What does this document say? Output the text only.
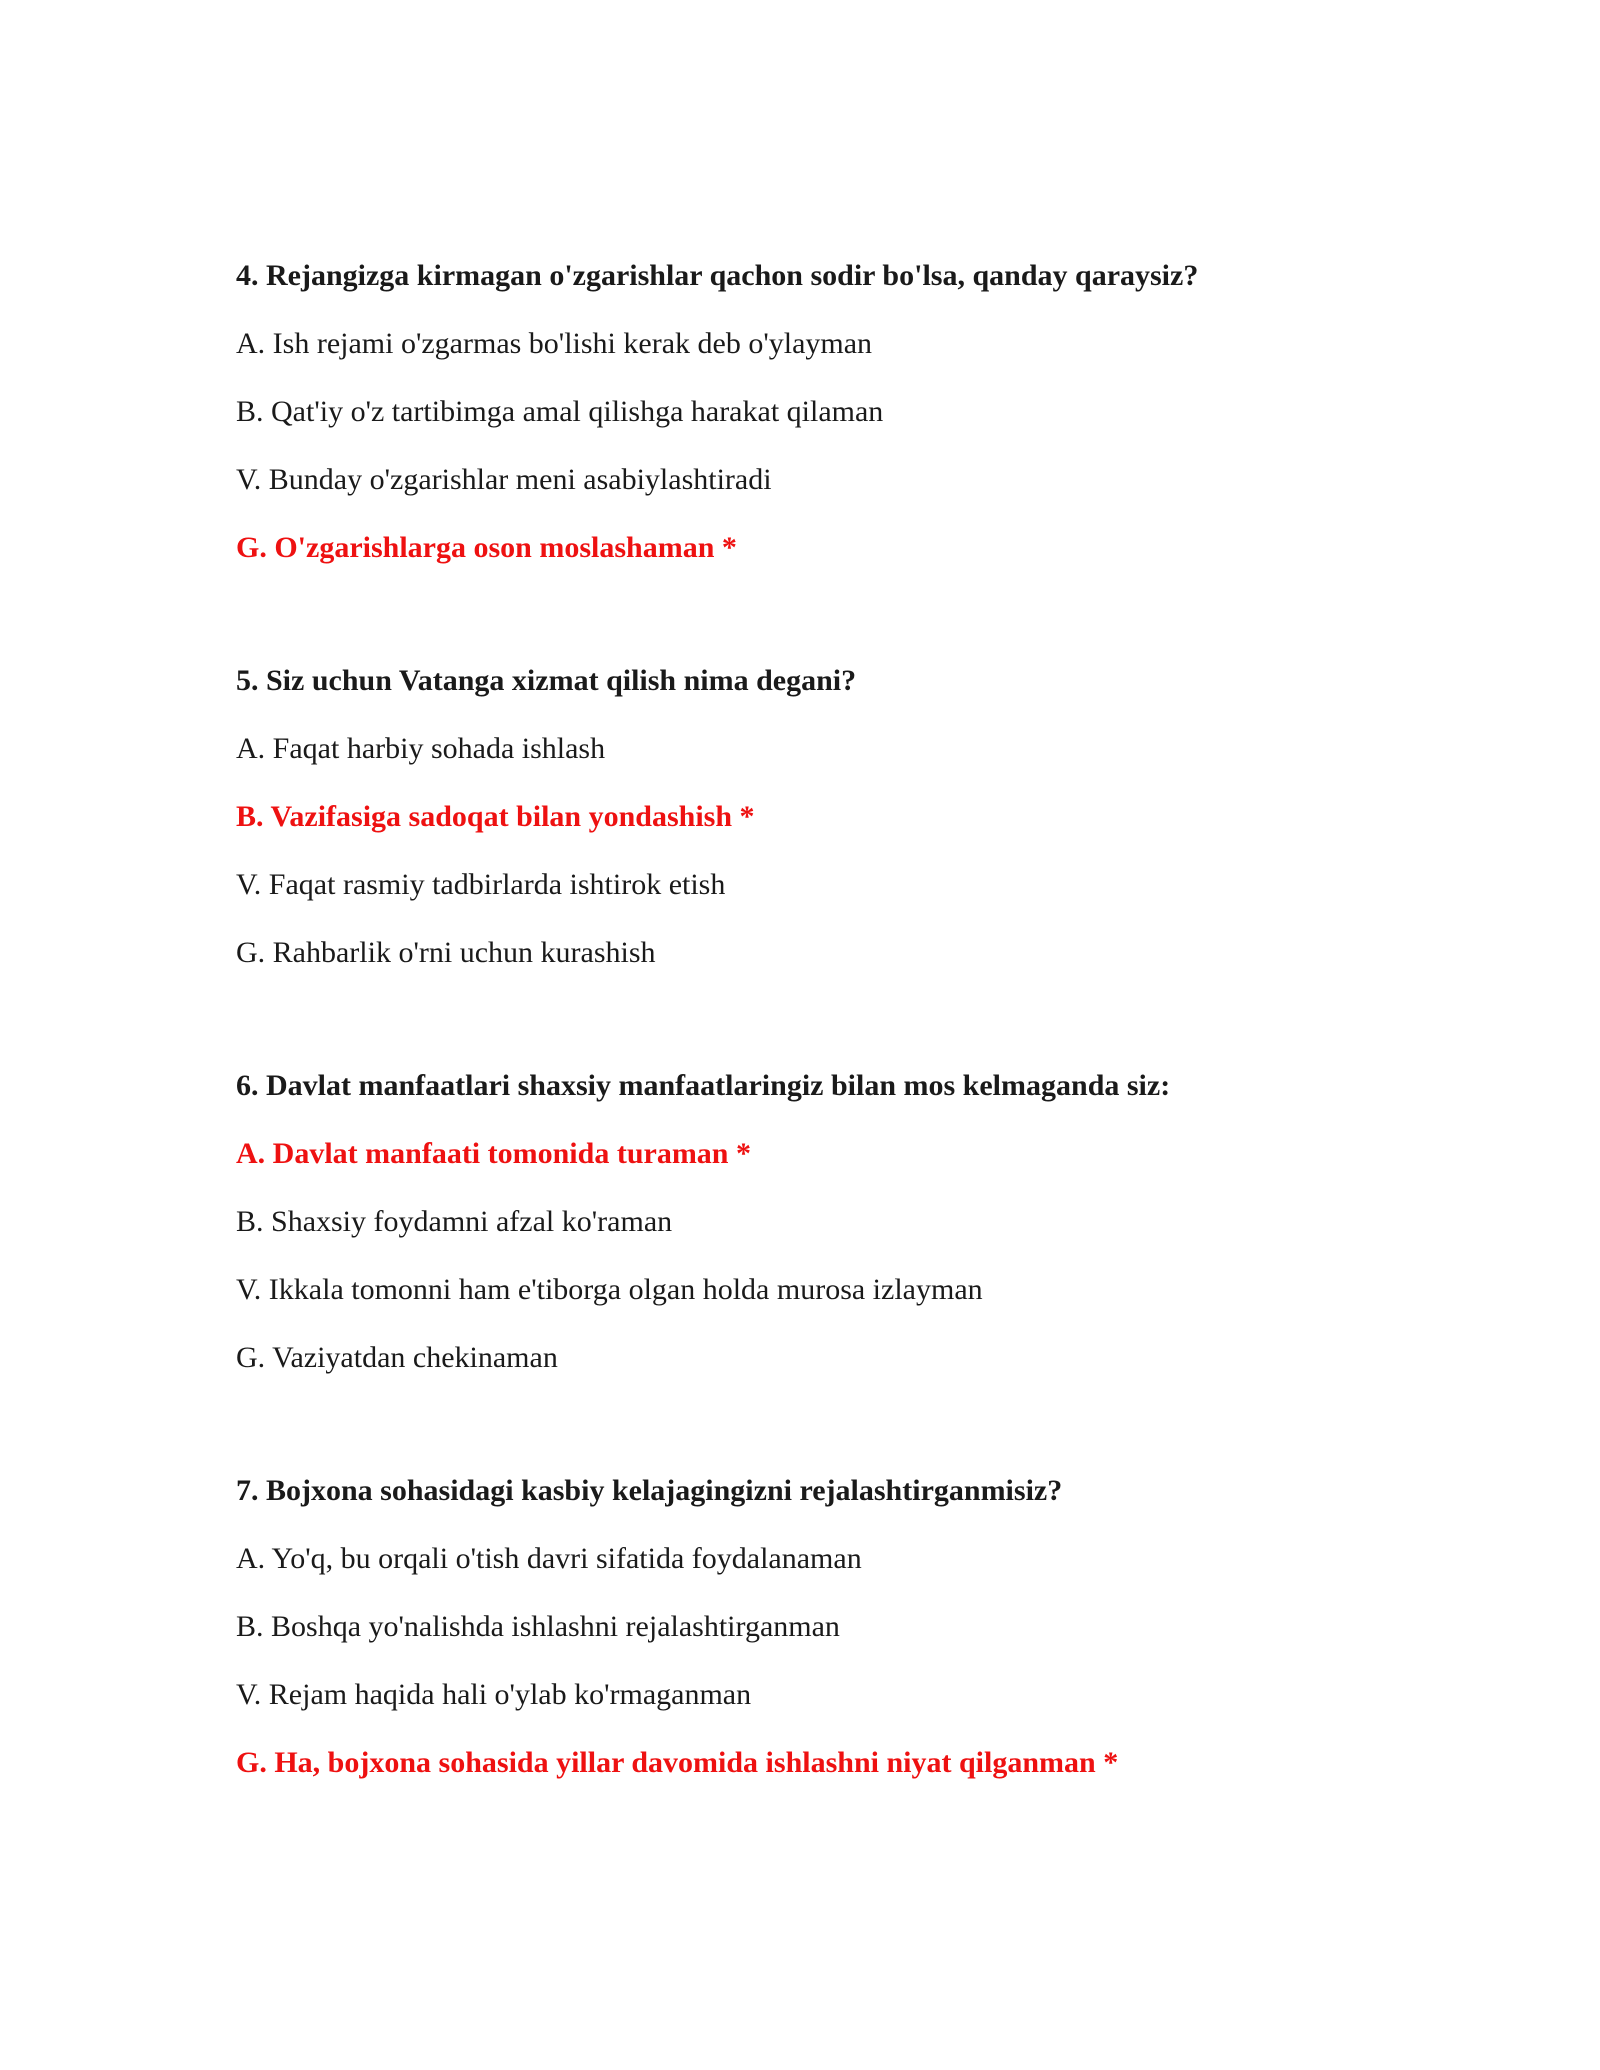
4. Rejangizga kirmagan o'zgarishlar qachon sodir bo'lsa, qanday qaraysiz?

A. Ish rejami o'zgarmas bo'lishi kerak deb o'ylayman

B. Qat'iy o'z tartibimga amal qilishga harakat qilaman

V. Bunday o'zgarishlar meni asabiylashtiradi

G. O'zgarishlarga oson moslashaman *

5. Siz uchun Vatanga xizmat qilish nima degani?

A. Faqat harbiy sohada ishlash

B. Vazifasiga sadoqat bilan yondashish *

V. Faqat rasmiy tadbirlarda ishtirok etish

G. Rahbarlik o'rni uchun kurashish

6. Davlat manfaatlari shaxsiy manfaatlaringiz bilan mos kelmaganda siz:

A. Davlat manfaati tomonida turaman *

B. Shaxsiy foydamni afzal ko'raman

V. Ikkala tomonni ham e'tiborga olgan holda murosa izlayman

G. Vaziyatdan chekinaman

7. Bojxona sohasidagi kasbiy kelajagingizni rejalashtirganmisiz?

A. Yo'q, bu orqali o'tish davri sifatida foydalanaman

B. Boshqa yo'nalishda ishlashni rejalashtirganman

V. Rejam haqida hali o'ylab ko'rmaganman

G. Ha, bojxona sohasida yillar davomida ishlashni niyat qilganman *
